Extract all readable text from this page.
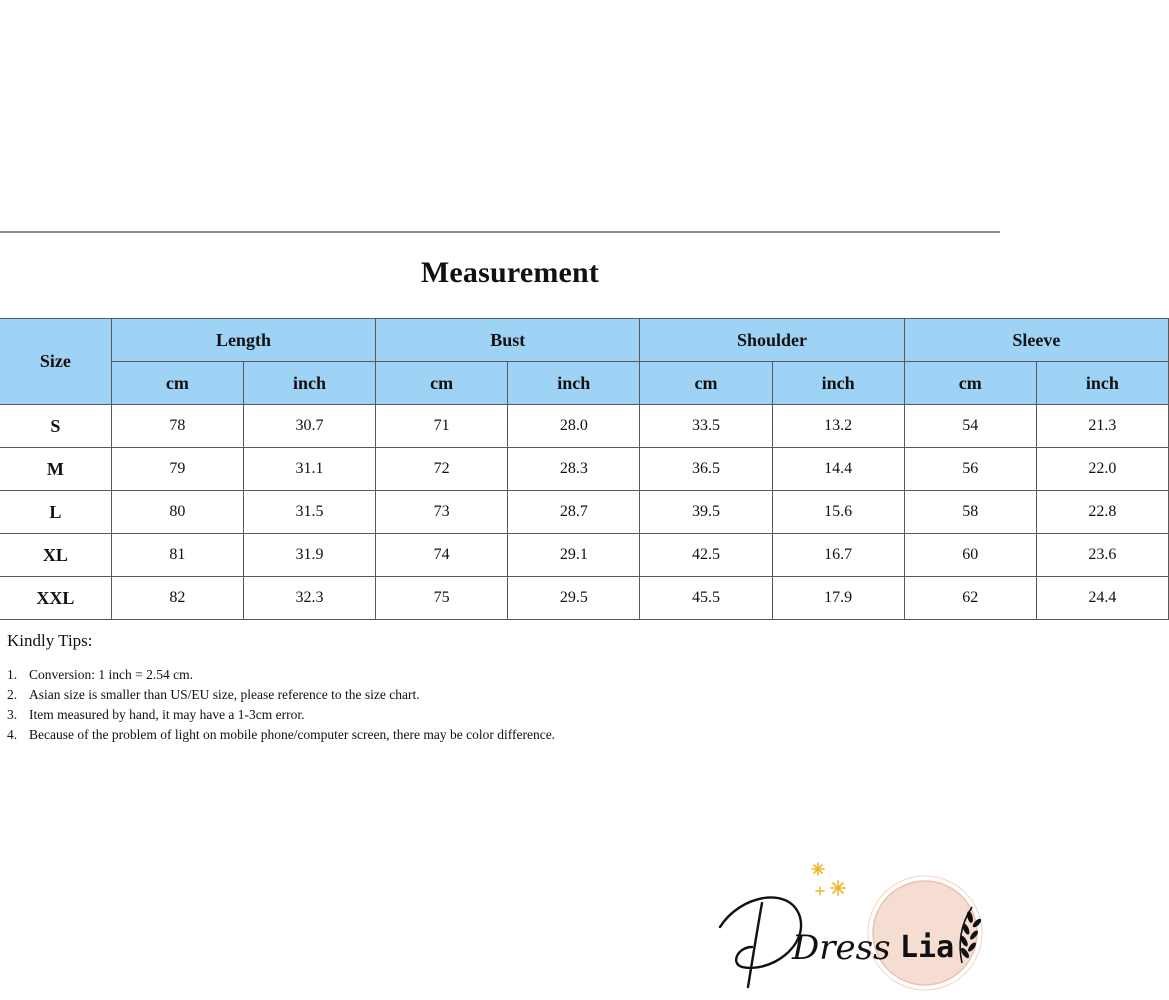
Measurement
Size	Length		Bust		Shoulder		Sleeve	
	cm	inch	cm	inch	cm	inch	cm	inch
S	78	30.7	71	28.0	33.5	13.2	54	21.3
M	79	31.1	72	28.3	36.5	14.4	56	22.0
L	80	31.5	73	28.7	39.5	15.6	58	22.8
XL	81	31.9	74	29.1	42.5	16.7	60	23.6
XXL	82	32.3	75	29.5	45.5	17.9	62	24.4
Kindly Tips:
1. Conversion: 1 inch = 2.54 cm.
2. Asian size is smaller than US/EU size, please reference to the size chart.
3. Item measured by hand, it may have a 1-3cm error.
4. Because of the problem of light on mobile phone/computer screen, there may be color difference.
Dress Lia
